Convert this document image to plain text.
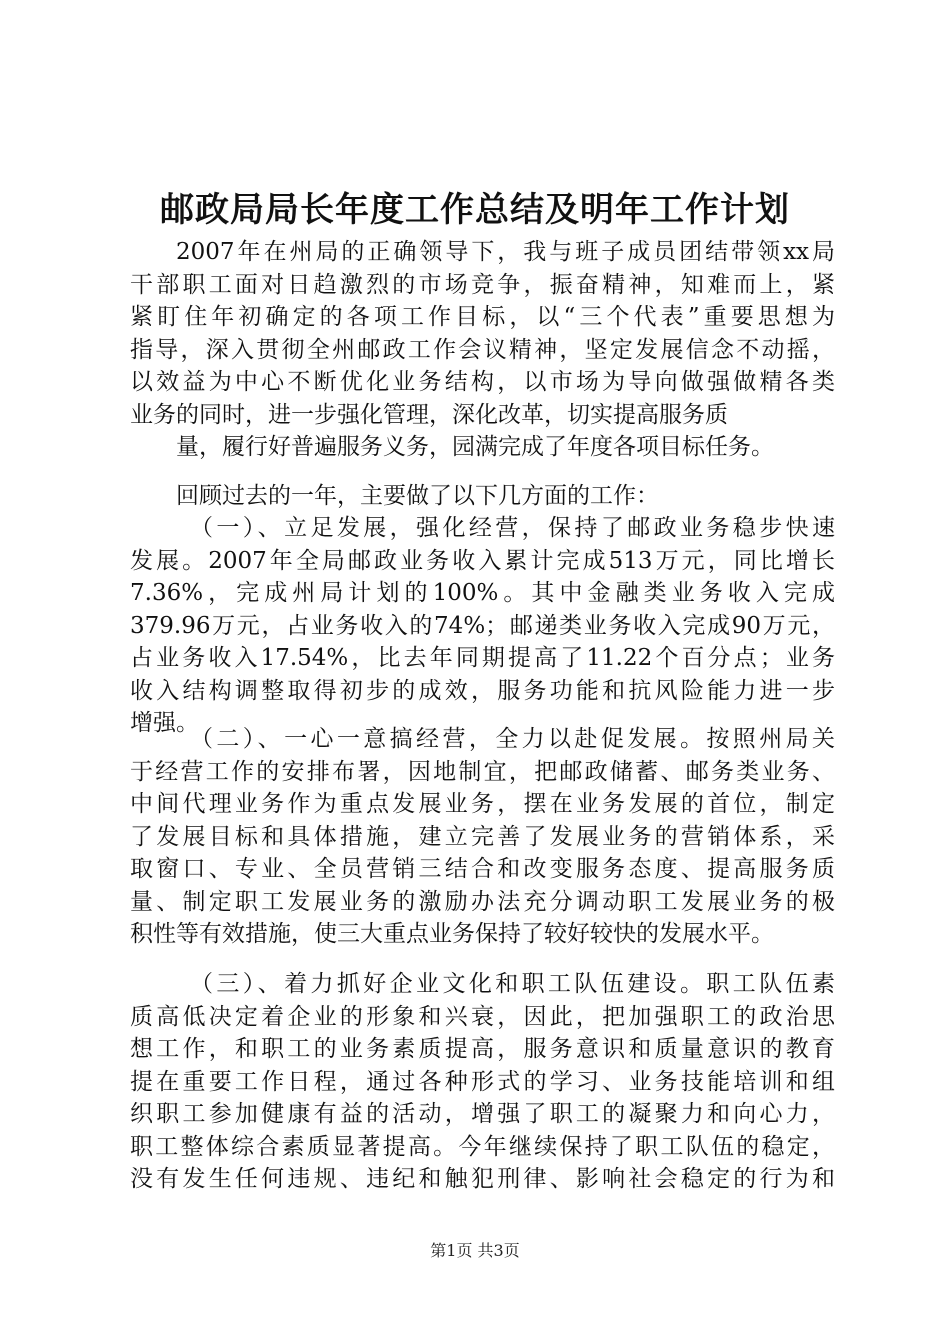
邮政局局长年度工作总结及明年工作计划
2007年在州局的正确领导下，我与班子成员团结带领xx局
干部职工面对日趋激烈的市场竞争，振奋精神，知难而上，紧
紧盯住年初确定的各项工作目标，以“三个代表”重要思想为
指导，深入贯彻全州邮政工作会议精神，坚定发展信念不动摇，
以效益为中心不断优化业务结构，以市场为导向做强做精各类
业务的同时，进一步强化管理，深化改革，切实提高服务质
量，履行好普遍服务义务，园满完成了年度各项目标任务。
回顾过去的一年，主要做了以下几方面的工作：
（一）、立足发展，强化经营，保持了邮政业务稳步快速
发展。2007年全局邮政业务收入累计完成513万元，同比增长
7.36%，完成州局计划的100%。其中金融类业务收入完成
379.96万元，占业务收入的74%；邮递类业务收入完成90万元，
占业务收入17.54%，比去年同期提高了11.22个百分点；业务
收入结构调整取得初步的成效，服务功能和抗风险能力进一步
增强。
（二）、一心一意搞经营，全力以赴促发展。按照州局关
于经营工作的安排布署，因地制宜，把邮政储蓄、邮务类业务、
中间代理业务作为重点发展业务，摆在业务发展的首位，制定
了发展目标和具体措施，建立完善了发展业务的营销体系，采
取窗口、专业、全员营销三结合和改变服务态度、提高服务质
量、制定职工发展业务的激励办法充分调动职工发展业务的极
积性等有效措施，使三大重点业务保持了较好较快的发展水平。
（三）、着力抓好企业文化和职工队伍建设。职工队伍素
质高低决定着企业的形象和兴衰，因此，把加强职工的政治思
想工作，和职工的业务素质提高，服务意识和质量意识的教育
提在重要工作日程，通过各种形式的学习、业务技能培训和组
织职工参加健康有益的活动，增强了职工的凝聚力和向心力，
职工整体综合素质显著提高。今年继续保持了职工队伍的稳定，
没有发生任何违规、违纪和触犯刑律、影响社会稳定的行为和
第1页 共3页
